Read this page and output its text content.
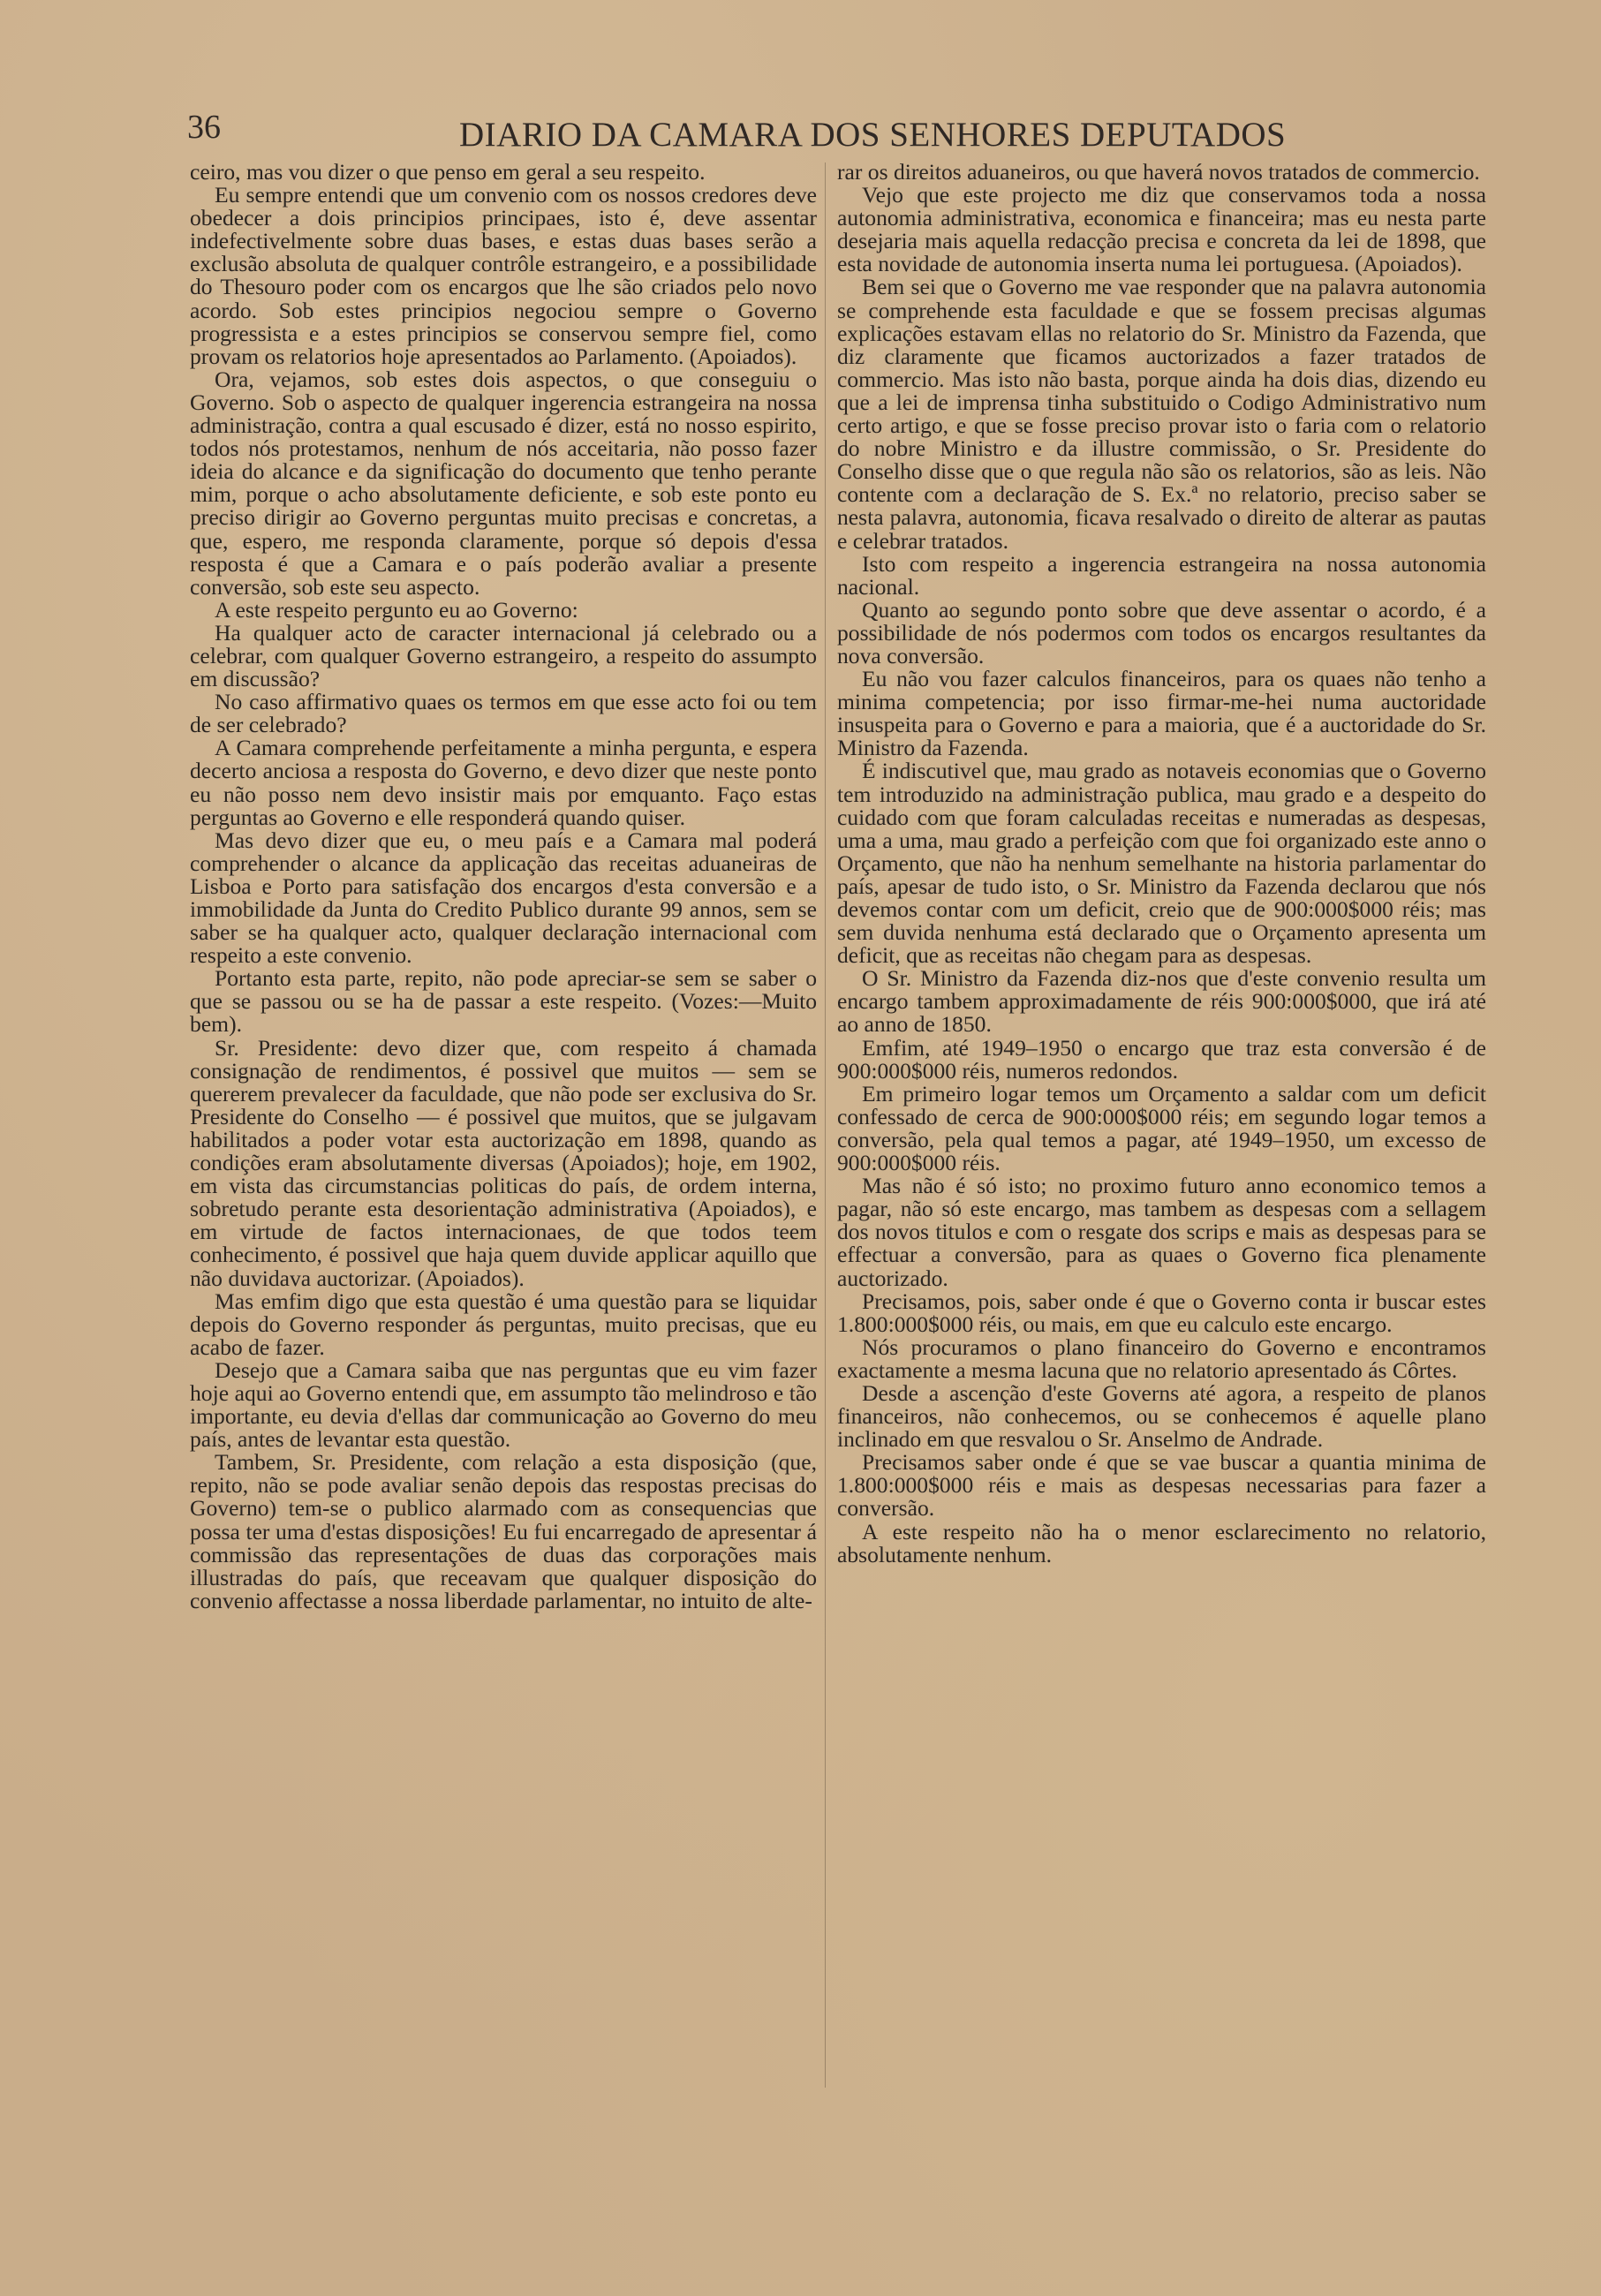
36	DIARIO DA CAMARA DOS SENHORES DEPUTADOS

ceiro, mas vou dizer o que penso em geral a seu respeito.

Eu sempre entendi que um convenio com os nossos credores deve obedecer a dois principios principaes, isto é, deve assentar indefectivelmente sobre duas bases, e estas duas bases serão a exclusão absoluta de qualquer contrôle estrangeiro, e a possibilidade do Thesouro poder com os encargos que lhe são criados pelo novo acordo. Sob estes principios negociou sempre o Governo progressista e a estes principios se conservou sempre fiel, como provam os relatorios hoje apresentados ao Parlamento. (Apoiados).

Ora, vejamos, sob estes dois aspectos, o que conseguiu o Governo. Sob o aspecto de qualquer ingerencia estrangeira na nossa administração, contra a qual escusado é dizer, está no nosso espirito, todos nós protestamos, nenhum de nós acceitaria, não posso fazer ideia do alcance e da significação do documento que tenho perante mim, porque o acho absolutamente deficiente, e sob este ponto eu preciso dirigir ao Governo perguntas muito precisas e concretas, a que, espero, me responda claramente, porque só depois d'essa resposta é que a Camara e o país poderão avaliar a presente conversão, sob este seu aspecto.

A este respeito pergunto eu ao Governo:

Ha qualquer acto de caracter internacional já celebrado ou a celebrar, com qualquer Governo estrangeiro, a respeito do assumpto em discussão?

No caso affirmativo quaes os termos em que esse acto foi ou tem de ser celebrado?

A Camara comprehende perfeitamente a minha pergunta, e espera decerto anciosa a resposta do Governo, e devo dizer que neste ponto eu não posso nem devo insistir mais por emquanto. Faço estas perguntas ao Governo e elle responderá quando quiser.

Mas devo dizer que eu, o meu país e a Camara mal poderá comprehender o alcance da applicação das receitas aduaneiras de Lisboa e Porto para satisfação dos encargos d'esta conversão e a immobilidade da Junta do Credito Publico durante 99 annos, sem se saber se ha qualquer acto, qualquer declaração internacional com respeito a este convenio.

Portanto esta parte, repito, não pode apreciar-se sem se saber o que se passou ou se ha de passar a este respeito. (Vozes:—Muito bem).

Sr. Presidente: devo dizer que, com respeito á chamada consignação de rendimentos, é possivel que muitos — sem se quererem prevalecer da faculdade, que não pode ser exclusiva do Sr. Presidente do Conselho — é possivel que muitos, que se julgavam habilitados a poder votar esta auctorização em 1898, quando as condições eram absolutamente diversas (Apoiados); hoje, em 1902, em vista das circumstancias politicas do país, de ordem interna, sobretudo perante esta desorientação administrativa (Apoiados), e em virtude de factos internacionaes, de que todos teem conhecimento, é possivel que haja quem duvide applicar aquillo que não duvidava auctorizar. (Apoiados).

Mas emfim digo que esta questão é uma questão para se liquidar depois do Governo responder ás perguntas, muito precisas, que eu acabo de fazer.

Desejo que a Camara saiba que nas perguntas que eu vim fazer hoje aqui ao Governo entendi que, em assumpto tão melindroso e tão importante, eu devia d'ellas dar communicação ao Governo do meu país, antes de levantar esta questão.

Tambem, Sr. Presidente, com relação a esta disposição (que, repito, não se pode avaliar senão depois das respostas precisas do Governo) tem-se o publico alarmado com as consequencias que possa ter uma d'estas disposições! Eu fui encarregado de apresentar á commissão das representações de duas das corporações mais illustradas do país, que receavam que qualquer disposição do convenio affectasse a nossa liberdade parlamentar, no intuito de alte-

rar os direitos aduaneiros, ou que haverá novos tratados de commercio.

Vejo que este projecto me diz que conservamos toda a nossa autonomia administrativa, economica e financeira; mas eu nesta parte desejaria mais aquella redacção precisa e concreta da lei de 1898, que esta novidade de autonomia inserta numa lei portuguesa. (Apoiados).

Bem sei que o Governo me vae responder que na palavra autonomia se comprehende esta faculdade e que se fossem precisas algumas explicações estavam ellas no relatorio do Sr. Ministro da Fazenda, que diz claramente que ficamos auctorizados a fazer tratados de commercio. Mas isto não basta, porque ainda ha dois dias, dizendo eu que a lei de imprensa tinha substituido o Codigo Administrativo num certo artigo, e que se fosse preciso provar isto o faria com o relatorio do nobre Ministro e da illustre commissão, o Sr. Presidente do Conselho disse que o que regula não são os relatorios, são as leis. Não contente com a declaração de S. Ex.ª no relatorio, preciso saber se nesta palavra, autonomia, ficava resalvado o direito de alterar as pautas e celebrar tratados.

Isto com respeito a ingerencia estrangeira na nossa autonomia nacional.

Quanto ao segundo ponto sobre que deve assentar o acordo, é a possibilidade de nós podermos com todos os encargos resultantes da nova conversão.

Eu não vou fazer calculos financeiros, para os quaes não tenho a minima competencia; por isso firmar-me-hei numa auctoridade insuspeita para o Governo e para a maioria, que é a auctoridade do Sr. Ministro da Fazenda.

É indiscutivel que, mau grado as notaveis economias que o Governo tem introduzido na administração publica, mau grado e a despeito do cuidado com que foram calculadas receitas e numeradas as despesas, uma a uma, mau grado a perfeição com que foi organizado este anno o Orçamento, que não ha nenhum semelhante na historia parlamentar do país, apesar de tudo isto, o Sr. Ministro da Fazenda declarou que nós devemos contar com um deficit, creio que de 900:000$000 réis; mas sem duvida nenhuma está declarado que o Orçamento apresenta um deficit, que as receitas não chegam para as despesas.

O Sr. Ministro da Fazenda diz-nos que d'este convenio resulta um encargo tambem approximadamente de réis 900:000$000, que irá até ao anno de 1850.

Emfim, até 1949–1950 o encargo que traz esta conversão é de 900:000$000 réis, numeros redondos.

Em primeiro logar temos um Orçamento a saldar com um deficit confessado de cerca de 900:000$000 réis; em segundo logar temos a conversão, pela qual temos a pagar, até 1949–1950, um excesso de 900:000$000 réis.

Mas não é só isto; no proximo futuro anno economico temos a pagar, não só este encargo, mas tambem as despesas com a sellagem dos novos titulos e com o resgate dos scrips e mais as despesas para se effectuar a conversão, para as quaes o Governo fica plenamente auctorizado.

Precisamos, pois, saber onde é que o Governo conta ir buscar estes 1.800:000$000 réis, ou mais, em que eu calculo este encargo.

Nós procuramos o plano financeiro do Governo e encontramos exactamente a mesma lacuna que no relatorio apresentado ás Côrtes.

Desde a ascenção d'este Governs até agora, a respeito de planos financeiros, não conhecemos, ou se conhecemos é aquelle plano inclinado em que resvalou o Sr. Anselmo de Andrade.

Precisamos saber onde é que se vae buscar a quantia minima de 1.800:000$000 réis e mais as despesas necessarias para fazer a conversão.

A este respeito não ha o menor esclarecimento no relatorio, absolutamente nenhum.
